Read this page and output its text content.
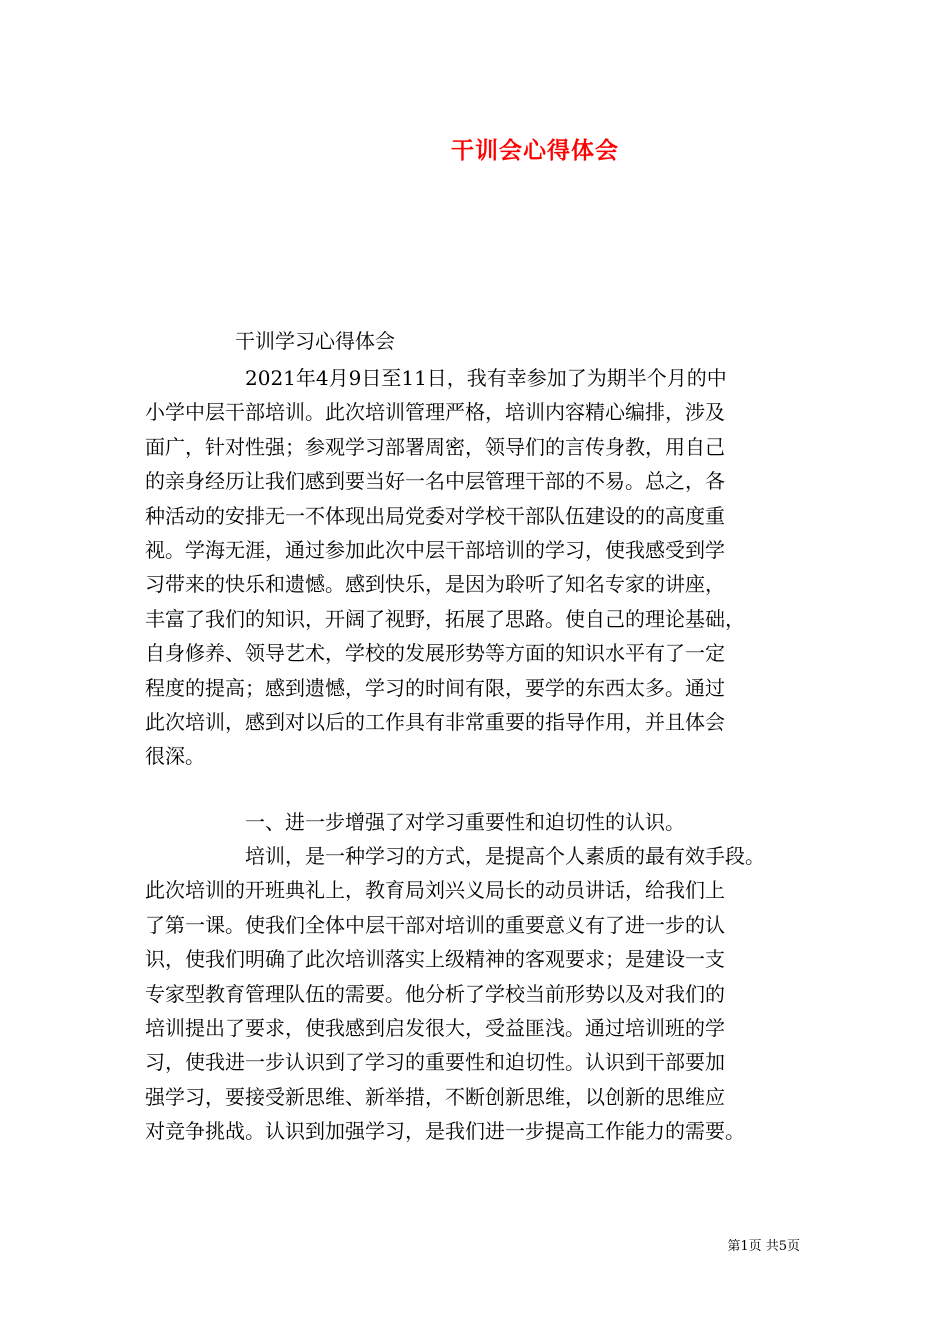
干训会心得体会
干训学习心得体会
2021年4月9日至11日，我有幸参加了为期半个月的中
小学中层干部培训。此次培训管理严格，培训内容精心编排，涉及
面广，针对性强；参观学习部署周密，领导们的言传身教，用自己
的亲身经历让我们感到要当好一名中层管理干部的不易。总之，各
种活动的安排无一不体现出局党委对学校干部队伍建设的的高度重
视。学海无涯，通过参加此次中层干部培训的学习，使我感受到学
习带来的快乐和遗憾。感到快乐，是因为聆听了知名专家的讲座，
丰富了我们的知识，开阔了视野，拓展了思路。使自己的理论基础，
自身修养、领导艺术，学校的发展形势等方面的知识水平有了一定
程度的提高；感到遗憾，学习的时间有限，要学的东西太多。通过
此次培训，感到对以后的工作具有非常重要的指导作用，并且体会
很深。
一、进一步增强了对学习重要性和迫切性的认识。
培训，是一种学习的方式，是提高个人素质的最有效手段。
此次培训的开班典礼上，教育局刘兴义局长的动员讲话，给我们上
了第一课。使我们全体中层干部对培训的重要意义有了进一步的认
识，使我们明确了此次培训落实上级精神的客观要求；是建设一支
专家型教育管理队伍的需要。他分析了学校当前形势以及对我们的
培训提出了要求，使我感到启发很大，受益匪浅。通过培训班的学
习，使我进一步认识到了学习的重要性和迫切性。认识到干部要加
强学习，要接受新思维、新举措，不断创新思维，以创新的思维应
对竞争挑战。认识到加强学习，是我们进一步提高工作能力的需要。
第1页 共5页
